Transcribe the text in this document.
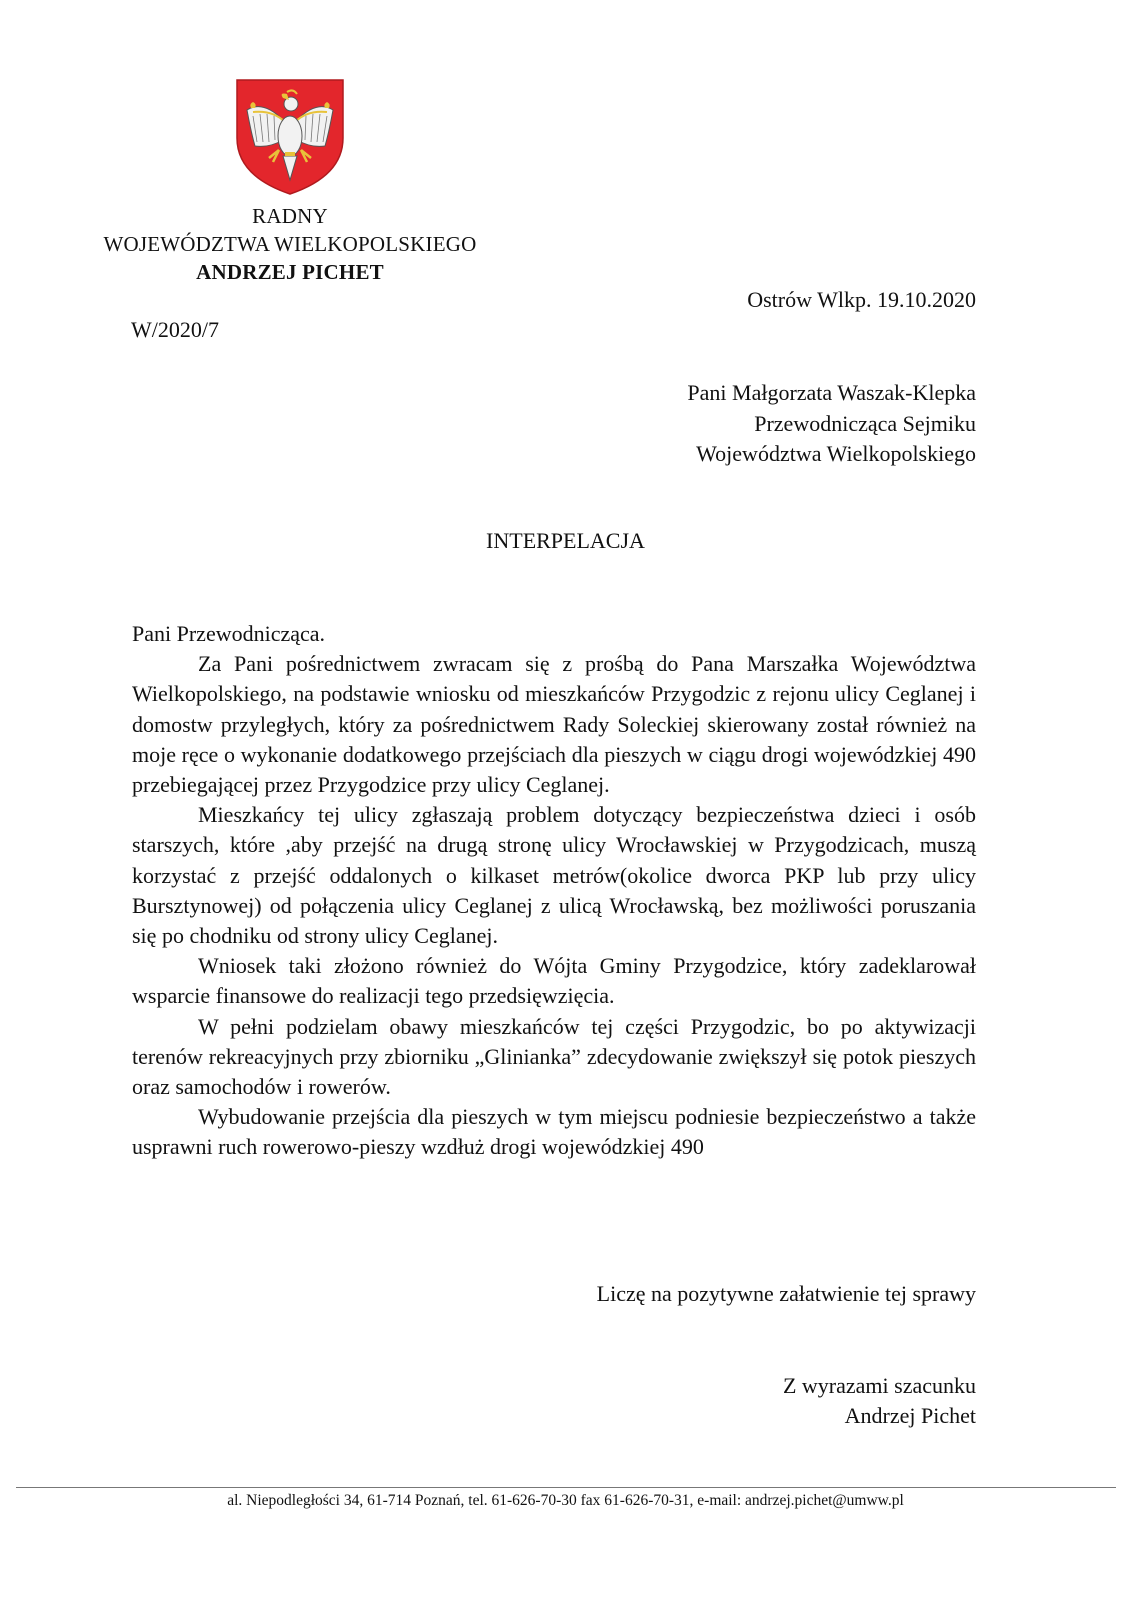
RADNY
WOJEWÓDZTWA WIELKOPOLSKIEGO
ANDRZEJ PICHET
Ostrów Wlkp. 19.10.2020
W/2020/7
Pani Małgorzata Waszak-Klepka
Przewodnicząca Sejmiku
Województwa Wielkopolskiego
INTERPELACJA

Pani Przewodnicząca.

Za Pani pośrednictwem zwracam się z prośbą do Pana Marszałka Województwa Wielkopolskiego, na podstawie wniosku od mieszkańców Przygodzic z rejonu ulicy Ceglanej i domostw przyległych, który za pośrednictwem Rady Soleckiej skierowany został również na moje ręce o wykonanie dodatkowego przejściach dla pieszych w ciągu drogi wojewódzkiej 490 przebiegającej przez Przygodzice przy ulicy Ceglanej.

Mieszkańcy tej ulicy zgłaszają problem dotyczący bezpieczeństwa dzieci i osób starszych, które ,aby przejść na drugą stronę ulicy Wrocławskiej w Przygodzicach, muszą korzystać z przejść oddalonych o kilkaset metrów(okolice dworca PKP lub przy ulicy Bursztynowej) od połączenia ulicy Ceglanej z ulicą Wrocławską, bez możliwości poruszania się po chodniku od strony ulicy Ceglanej.

Wniosek taki złożono również do Wójta Gminy Przygodzice, który zadeklarował wsparcie finansowe do realizacji tego przedsięwzięcia.

W pełni podzielam obawy mieszkańców tej części Przygodzic, bo po aktywizacji terenów rekreacyjnych przy zbiorniku „Glinianka” zdecydowanie zwiększył się potok pieszych oraz samochodów i rowerów.

Wybudowanie przejścia dla pieszych w tym miejscu podniesie bezpieczeństwo a także usprawni ruch rowerowo-pieszy wzdłuż drogi wojewódzkiej 490

Liczę na pozytywne załatwienie tej sprawy
Z wyrazami szacunku
Andrzej Pichet
al. Niepodległości 34, 61-714 Poznań, tel. 61-626-70-30 fax 61-626-70-31, e-mail: andrzej.pichet@umww.pl
